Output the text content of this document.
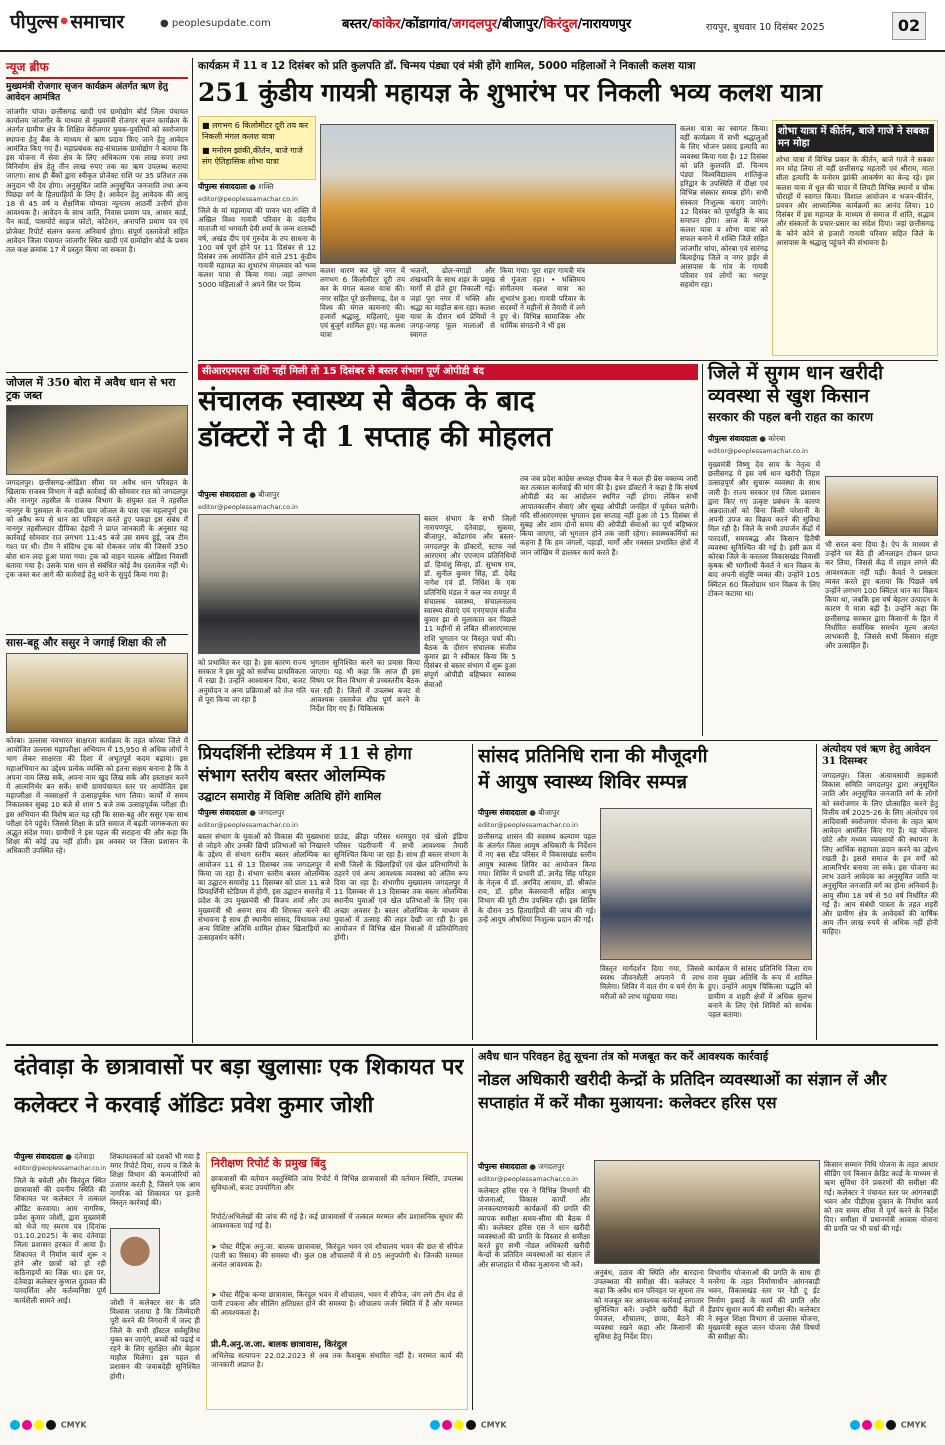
पीपुल्स•समाचार	● peoplesupdate.com	बस्तर/कांकेर/कोंडागांव/जगदलपुर/बीजापुर/किरंदुल/नारायणपुर	रायपुर, बुधवार 10 दिसंबर 2025	02
न्यूज ब्रीफ
मुख्यमंत्री रोजगार सृजन कार्यक्रम अंतर्गत ऋण हेतु आवेदन आमंत्रित
जांजगीर चांपा। छत्तीसगढ़ खादी एवं ग्रामोद्योग बोर्ड जिला पंचायत कार्यालय जांजगीर के माध्यम से मुख्यमंत्री रोजगार सृजन कार्यक्रम के अंतर्गत ग्रामीण क्षेत्र के शिक्षित बेरोजगार युवक-युवतियों को स्वरोजगार स्थापना हेतु बैंक के माध्यम से ऋण प्रदाय किए जाने हेतु आवेदन आमंत्रित किए गए हैं। महाप्रबंधक सह-संचालक ग्रामोद्योग ने बताया कि इस योजना में सेवा क्षेत्र के लिए अधिकतम एक लाख रुपए तथा विनिर्माण क्षेत्र हेतु तीन लाख रुपए तक का ऋण उपलब्ध कराया जाएगा। साथ ही बैंकों द्वारा स्वीकृत प्रोजेक्ट राशि पर 35 प्रतिशत तक अनुदान भी देय होगा। अनुसूचित जाति अनुसूचित जनजाति तथा अन्य पिछड़ा वर्ग के हितग्राहियों के लिए है। आवेदन हेतु आवेदक की आयु 18 से 45 वर्ष व शैक्षणिक योग्यता न्यूनतम आठवीं उत्तीर्ण होना आवश्यक है। आवेदन के साथ जाति, निवास प्रमाण पत्र, आधार कार्ड, पैन कार्ड, पासपोर्ट साइज फोटो, कोटेशन, अनापत्ति प्रमाण पत्र एवं प्रोजेक्ट रिपोर्ट संलग्न करना अनिवार्य होगा। संपूर्ण दस्तावेजों सहित आवेदन जिला पंचायत जांजगीर स्थित खादी एवं ग्रामोद्योग बोर्ड के प्रथम तल कक्ष क्रमांक 17 में प्रस्तुत किया जा सकता है।
जोजल में 350 बोरा में अवैध धान से भरा ट्रक जब्त
जगदलपुर। छत्तीसगढ़-ओडिशा सीमा पर अवैध धान परिवहन के खिलाफ राजस्व विभाग ने बड़ी कार्रवाई की सोमवार रात को जगदलपुर और नानगुर तहसील के राजस्व विभाग के संयुक्त दल ने तहसील नानगुर के पुसवाल के नजदीक ग्राम जोजल के पास एक महत्वपूर्ण ट्रक को अवैध रूप से धान का परिवहन करते हुए पकड़ा इस संबंध में नानगुर तहसीलदार दीपिका देहारी ने प्राप्त जानकारी के अनुसार यह कार्रवाई सोमवार रात लगभग 11:45 बजे उस समय हुई, जब टीम गश्त पर थी। टीम ने संदिग्ध ट्रक को रोककर जांच की जिसमें 350 बोरा धान लदा हुआ पाया गया। ट्रक को वाहन चालक ओडिशा निवासी बताया गया है। उसके पास धान से संबंधित कोई वैध दस्तावेज नहीं थे। ट्रक जब्त कर आगे की कार्रवाई हेतु थाने के सुपुर्द किया गया है।
सास-बहू और ससुर ने जगाई शिक्षा की लौ
कोरबा। उल्लास नवभारत साक्षरता कार्यक्रम के तहत कोरबा जिले में आयोजित उल्लास महापरीक्षा अभियान में 15,950 से अधिक लोगों ने भाग लेकर साक्षरता की दिशा में अभूतपूर्व कदम बढ़ाया। इस महाअभियान का उद्देश्य प्रत्येक व्यक्ति को इतना सक्षम बनाना है कि वे अपना नाम लिख सकें, अपना नाम खुद लिख सकें और हस्ताक्षर करने में आत्मनिर्भर बन सकें। सभी ग्रामपंचायत स्तर पर आयोजित इस महापरीक्षा में नवसाक्षरों ने उत्साहपूर्वक भाग लिया। कार्यों में समय निकालकर सुबह 10 बजे से शाम 5 बजे तक उत्साहपूर्वक परीक्षा दी। इस अभियान की विशेष बात यह रही कि सास-बहू और ससुर एक साथ परीक्षा देने पहुंचे। जिससे शिक्षा के प्रति समाज में बढ़ती जागरूकता का अद्भुत संदेश गया। ग्रामीणों ने इस पहल की सराहना की और कहा कि शिक्षा की कोई उम्र नहीं होती। इस अवसर पर जिला प्रशासन के अधिकारी उपस्थित रहे।
कार्यक्रम में 11 व 12 दिसंबर को प्रति कुलपति डॉ. चिन्मय पंड्या एवं मंत्री होंगे शामिल, 5000 महिलाओं ने निकाली कलश यात्रा
251 कुंडीय गायत्री महायज्ञ के शुभारंभ पर निकली भव्य कलश यात्रा
■ लगभग 6 किलोमीटर दूरी तय कर निकली मंगल कलश यात्रा
■ मनोरम झांकी,कीर्तन, बाजे गाजे संग ऐतिहासिक शोभा यात्रा
पीपुल्स संवाददाता ● शक्ति
editor@peoplessamachar.co.in
जिले के मां महामाया की पावन धरा शक्ति में अखिल विश्व गायत्री परिवार के वंदनीय माताजी मां भगवती देवी शर्मा के जन्म शताब्दी वर्ष, अखंड दीप एवं गुरुदेव के तप साधना के 100 वर्ष पूर्ण होने पर 11 दिसंबर से 12 दिसंबर तक आयोजित होने वाले 251 कुंडीय गायत्री महायज्ञ का शुभारंभ मंगलवार को भव्य कलश यात्रा से किया गया। जहां लगभग 5000 महिलाओं ने अपने सिर पर दिव्य
कलश धारण कर पूरे नगर में लगभग 6 किलोमीटर दूरी तय कर के मंगल कलश यात्रा की। नगर सहित पूरे छत्तीसगढ़, देश व विश्व की मंगल कामनाएं की। हजारों श्रद्धालु, महिलाएं, युवा एवं बुजुर्ग शामिल हुए। यह कलश यात्रा
भजनों, ढोल-नगाड़ों और शंखध्वनि के साथ शहर के प्रमुख मार्गों से होते हुए निकाली गई। जहां पूरा नगर में भक्ति और श्रद्धा का माहौल बना रहा। कलश यात्रा के दौरान धर्म प्रेमियों ने जगह-जगह फूल मालाओं से स्वागत
किया गया। पूरा शहर गायत्री मंत्र से गूंजता रहा। • भक्तिमय संगीतमय कलश यात्रा का शुभारंभ हुआ। गायत्री परिवार के सदस्यों ने महीनों से तैयारी में लगे हुए थे। विभिन्न सामाजिक और धार्मिक संगठनों ने भी इस
कलश यात्रा का स्वागत किया। वहीं कार्यक्रम में सभी श्रद्धालुओं के लिए भोजन प्रसाद इत्यादि का व्यवस्था किया गया है। 12 दिसंबर को प्रति कुलपति डॉ. चिन्मय पंड्या विश्वविद्यालय शांतिकुंज हरिद्वार के उपस्थिति में दीक्षा एवं विभिन्न संस्कार सम्पन्न होंगे। सभी संस्कार निःशुल्क कराए जाएंगे। 12 दिसंबर को पूर्णाहुति के बाद समापन होगा। आज के मंगल कलश यात्रा व शोभा यात्रा को सफल बनाने में शक्ति जिले सहित जांजगीर चांपा, कोरबा एवं सारंगढ़ बिलाईगढ़ जिले व नगर हाईर से आसपास के गांव के गायत्री परिवार एवं लोगों का भरपूर सहयोग रहा।
शोभा यात्रा में कीर्तन, बाजे गाजे ने सबका मन मोहा
शोभा यात्रा में विभिन्न प्रकार के कीर्तन, बाजे गाजे ने सबका मन मोह लिया तो वहीं छत्तीसगढ़ महतारी एवं श्रीराम, माता सीता इत्यादि के मनोरम झांकी आकर्षण का केन्द्र रहे। इस कलश यात्रा में धूल की चादर में लिपटी विभिन्न स्थानों व चौक चौराहों में स्वागत किया। विशाल आयोजन व भजन-कीर्तन, प्रवचन और आध्यात्मिक कार्यक्रमों का आनंद लिया। 10 दिसंबर में इस महायज्ञ के माध्यम से समाज में शांति, सद्भाव और संस्कारों के प्रचार-प्रसार का संदेश दिया। जहां छत्तीसगढ़ के कोने कोने से हजारों गायत्री परिवार सहित जिले के आसपास के श्रद्धालु पहुंचने की संभावना है।
सीआरएमएस राशि नहीं मिली तो 15 दिसंबर से बस्तर संभाग पूर्ण ओपीडी बंद
संचालक स्वास्थ्य से बैठक के बाद
डॉक्टरों ने दी 1 सप्ताह की मोहलत
पीपुल्स संवाददाता ● बीजापुर
editor@peoplessamachar.co.in
बस्तर संभाग के सभी जिलों नारायणपुर, दंतेवाड़ा, सुकमा, बीजापुर, कोंडागांव और बस्तर-जगदलपुर के डॉक्टरों, स्टाफ नर्स आरएमए और एएनएम प्रतिनिधियों डॉ. हिमांशु सिन्हा, डॉ. सुभाष राय, डॉ. सुनील कुमार सिंह, डॉ. देवेंद्र नागेश एवं डॉ. निधिश के एक प्रतिनिधि मंडल ने कल नव रायपुर में संचालक स्वास्थ्य, संचालनालय स्वास्थ्य सेवाएं एवं एनएचएम संजीव कुमार झा से मुलाकात कर पिछले 11 महीनों से लंबित सीआरएमएस राशि भुगतान पर विस्तृत चर्चा की। बैठक के दौरान संचालक संजीव कुमार झा ने स्वीकार किया कि 5 दिसंबर से बस्तर संभाग में शुरू हुआ संपूर्ण ओपीडी बहिष्कार स्वास्थ्य सेवाओं
को प्रभावित कर रहा है। इस कारण राज्य सरकार ने इस मुद्दे को सर्वोच्च प्राथमिकता में रखा है। उन्होंने आश्वासन दिया, बजट अनुमोदन व अन्य प्रक्रियाओं को तेज गति से पूरा किया जा रहा है
भुगतान सुनिश्चित करने का प्रयास किया जाएगा। यह भी कहा कि आज ही इस विषय पर वित्त विभाग से उच्चस्तरीय बैठक चल रही है। जिलों में उपलब्ध बजट से आवश्यक दस्तावेज शीघ्र पूर्ण करने के निर्देश दिए गए हैं। चिकित्सक
तब जब प्रदेश कांग्रेस अध्यक्ष दीपक बैज ने कल ही प्रेस वक्तव्य जारी कर तत्काल कार्रवाई की मांग की है। इधर डॉक्टरों ने कहा है कि संघर्ष ओपीडी बंद का आंदोलन स्थगित नहीं होगा। लेकिन सभी आपातकालीन सेवाएं और सुबह ओपीडी जनहित में पूर्ववत चलेगी। यदि सीआरएमएस भुगतान इस सप्ताह नहीं हुआ तो 15 दिसंबर से सुबह और शाम दोनों समय की ओपीडी सेवाओं का पूर्ण बहिष्कार किया जाएगा, जो भुगतान होने तक जारी रहेगा। स्वास्थ्यकर्मियों का कहना है कि हम जंगलों, पहाड़ों, मार्गों और नक्सल प्रभावित क्षेत्रों में जान जोखिम में डालकर कार्य करते हैं।
जिले में सुगम धान खरीदी व्यवस्था से खुश किसान
सरकार की पहल बनी राहत का कारण
पीपुल्स संवाददाता ● कोरबा
editor@peoplessamachar.co.in
मुख्यमंत्री विष्णु देव साय के नेतृत्व में छत्तीसगढ़ में इस वर्ष धान खरीदी तिहार उत्साहपूर्ण और सुचारू व्यवस्था के साथ जारी है। राज्य सरकार एवं जिला प्रशासन द्वारा किए गए उत्कृष्ट प्रबंधन के कारण अन्नदाताओं को बिना किसी परेशानी के अपनी उपज का विक्रय करने की सुविधा मिल रही है। जिले के सभी उपार्जन केंद्रों में पारदर्शी, समयबद्ध और किसान हितैषी व्यवस्था सुनिश्चित की गई है। इसी क्रम में कोरबा जिले के करतला विकासखंड निवासी कृषक श्री भागीरथी कैवर्त ने धान विक्रय के बाद अपनी संतुष्टि व्यक्त की। उन्होंने 105 क्विंटल 60 किलोग्राम धान विक्रय के लिए टोकन कटाया था।
भी सरल बना दिया है। ऐप के माध्यम से उन्होंने घर बैठे ही ऑनलाइन टोकन प्राप्त कर लिया, जिससे केंद्र में लाइन लगने की आवश्यकता नहीं पड़ी। कैवर्त ने प्रसन्नता व्यक्त करते हुए बताया कि पिछले वर्ष उन्होंने लगभग 100 क्विंटल धान का विक्रय किया था, जबकि इस वर्ष बेहतर उत्पादन के कारण ये मात्रा बढ़ी है। उन्होंने कहा कि छत्तीसगढ़ सरकार द्वारा किसानों के हित में निर्धारित सर्वाधिक समर्थन मूल्य अत्यंत लाभकारी है, जिससे सभी किसान संतुष्ट और उत्साहित हैं।
प्रियदर्शिनी स्टेडियम में 11 से होगा
संभाग स्तरीय बस्तर ओलम्पिक
उद्घाटन समारोह में विशिष्ट अतिथि होंगे शामिल
पीपुल्स संवाददाता ● जगदलपुर
editor@peoplessamachar.co.in
बस्तर संभाग के युवाओं को विकास की मुख्यधारा से जोड़ने और उनकी छिपी प्रतिभाओं को निखारने के उद्देश्य से संभाग स्तरीय बस्तर ओलम्पिक का आयोजन 11 से 13 दिसम्बर तक जगदलपुर में किया जा रहा है। संभाग स्तरीय बस्तर ओलम्पिक का उद्घाटन समारोह 11 दिसम्बर को प्रातः 11 बजे प्रियदर्शिनी स्टेडियम में होगी, इस उद्घाटन समारोह में प्रदेश के उप मुख्यमंत्री श्री विजय शर्मा और उप मुख्यमंत्री श्री अरुण साव की शिरकत करने की संभावना है साथ ही स्थानीय सांसद, विधायक तथा अन्य विशिष्ट अतिथि शामिल होकर खिलाड़ियों का उत्साहवर्धन करेंगे।
ग्राउंड, क्रीड़ा परिसर धरमपुरा एवं खेलो इंडिया परिसर पंडरीपानी में सभी आवश्यक तैयारी सुनिश्चित किया जा रहा है। साथ ही बस्तर संभाग के सभी जिलों के खिलाड़ियों एवं खेल प्रतिभागियों के ठहरने एवं अन्य आवश्यक व्यवस्था को अंतिम रूप दिया जा रहा है। संभागीय मुख्यालय जगदलपुर में 11 दिसम्बर से 13 दिसम्बर तक बस्तर ओलम्पिक स्थानीय युवाओं एवं खेल प्रतिभाओं के लिए एक अच्छा अवसर है। बस्तर ओलम्पिक के माध्यम से युवाओं में उत्साह की लहर देखी जा रही है। इस आयोजन में विभिन्न खेल विधाओं में प्रतियोगिताएं होंगी।
सांसद प्रतिनिधि राना की मौजूदगी
में आयुष स्वास्थ्य शिविर सम्पन्न
पीपुल्स संवाददाता ● बीजापुर
editor@peoplessamachar.co.in
छत्तीसगढ़ शासन की स्वास्थ्य कल्याण पहल के अंतर्गत जिला आयुष अधिकारी के निर्देशन में नए बस स्टैंड परिसर में विकासखंड स्तरीय आयुष स्वास्थ्य शिविर का आयोजन किया गया। शिविर में प्रभारी डॉ. ज्ञानेंद्र सिंह परिहार के नेतृत्व में डॉ. अरविंद आयाम, डॉ. श्रीकांत राय, डॉ. हरीश केसरवानी सहित आयुष विभाग की पूरी टीम उपस्थित रही। इस शिविर के दौरान 35 हितग्राहियों की जांच की गई। उन्हें आयुष औषधियां निःशुल्क प्रदान की गईं।
विस्तृत मार्गदर्शन दिया गया, जिससे स्वस्थ जीवनशैली अपनाने में लाभ मिलेगा। शिविर में वात रोग व चर्म रोग के मरीजों को लाभ पहुंचाया गया।
कार्यक्रम में सांसद प्रतिनिधि जिला राम राना मुख्य अतिथि के रूप में शामिल हुए। उन्होंने आयुष चिकित्सा पद्धति को ग्रामीण व शहरी क्षेत्रों में अधिक सुलभ बनाने के लिए ऐसे शिविरों को सार्थक पहल बताया।
अंत्योदय एवं ऋण हेतु आवेदन 31 दिसम्बर
जगदलपुर। जिला अंत्यावसायी सहकारी विकास समिति जगदलपुर द्वारा अनुसूचित जाति और अनुसूचित जनजाति वर्ग के लोगों को स्वरोजगार के लिए प्रोत्साहित करने हेतु वित्तीय वर्ष 2025-26 के लिए अंत्योदय एवं आदिवासी स्वरोजगार योजना के तहत ऋण आवेदन आमंत्रित किए गए हैं। यह योजना छोटे और मध्यम व्यवसायों की स्थापना के लिए आर्थिक सहायता प्रदान करने का उद्देश्य रखती है। इससे समाज के इन वर्गों को आत्मनिर्भर बनाया जा सके। इस योजना का लाभ उठाने आवेदक का अनुसूचित जाति या अनुसूचित जनजाति वर्ग का होना अनिवार्य है। आयु सीमा 18 वर्ष से 50 वर्ष निर्धारित की गई है। आय संबंधी पात्रता के तहत शहरी और ग्रामीण क्षेत्र के आवेदकों की वार्षिक आय तीन लाख रुपये से अधिक नहीं होनी चाहिए।
दंतेवाड़ा के छात्रावासों पर बड़ा खुलासाः एक शिकायत पर कलेक्टर ने करवाई ऑडिटः प्रवेश कुमार जोशी
पीपुल्स संवाददाता ● दंतेवाड़ा
editor@peoplessamachar.co.in
जिले के बचेली और किरंदुल स्थित छात्रावासों की दयनीय स्थिति की शिकायत पर कलेक्टर ने तत्काल ऑडिट करवाया। आम नागरिक, प्रवेश कुमार जोशी, द्वारा मुख्यमंत्री को भेजे गए स्मरण पत्र (दिनांक 01.10.2025) के बाद दंतेवाड़ा जिला प्रशासन हरकत में आया है। शिकायत में निर्माण कार्य शुरू न होने और छात्रों को हो रही कठिनाइयों का जिक्र था। इस पर, दंतेवाड़ा कलेक्टर कुणाल दुदावत की पारदर्शिता और कर्तव्यनिष्ठा पूर्ण कार्यशैली सामने आई।
शिकायतकर्ता को दशकों भी गया है मगर रिपोर्ट दिया, राज्य व जिले के शिक्षा विभाग की कमजोरियों को उजागर करती है, जिसने एक आम नागरिक को शिकायत पर इतनी विस्तृत कार्रवाई की।
जोशी ने कलेक्टर सर के प्रति विश्वास जताया है कि जिम्मेदारी पूरी करने की निगरानी में जल्द ही जिले के सभी हॉस्टल सर्वसुविधा युक्त बन जाएंगे, बच्चों को पढ़ाई व रहने के लिए सुरक्षित और बेहतर माहौल मिलेगा। इस पहल से प्रशासन की जवाबदेही सुनिश्चित होगी।
निरीक्षण रिपोर्ट के प्रमुख बिंदु
छात्रावासों की वर्तमान वस्तुस्थिति जांच रिपोर्ट में विभिन्न छात्रावासों की वर्तमान स्थिति, उपलब्ध सुविधाओं, बजट उपयोगिता और
रिपोर्ट/अभिलेखों की जांच की गई है। कई छात्रावासों में तत्काल मरम्मत और प्रशासनिक सुधार की आवश्यकता पाई गई है।
➤ पोस्ट मैट्रिक अनु.जा. बालक छात्रावास, किरंदुल भवन एवं शौचालय भवन की छत से सीपेज (पानी का रिसाव) की समस्या थी। कुल 08 शौचालयों में से 05 अनुपयोगी थे। जिनकी मरम्मत अत्यंत आवश्यक है।
➤ पोस्ट मैट्रिक कन्या छात्रावास, किरंदुल भवन में शौचालय, भवन में सीपेज, जंग लगे टीन शेड से पानी टपकना और सीलिंग क्षतिग्रस्त होने की समस्या है। शौचालय जर्जर स्थिति में हैं और मरम्मत की आवश्यकता है।
प्री.मै.अनु.ज.जा. बालक छात्रावास, किरंदुल
अभिलेख सत्यापनः 22.02.2023 से अब तक कैशबुक संधारित नहीं है। मरम्मत कार्य की जानकारी अप्राप्त है।
अवैध धान परिवहन हेतु सूचना तंत्र को मजबूत कर करें आवश्यक कार्रवाई
नोडल अधिकारी खरीदी केन्द्रों के प्रतिदिन व्यवस्थाओं का संज्ञान लें और सप्ताहांत में करें मौका मुआयना: कलेक्टर हरिस एस
पीपुल्स संवाददाता ● जगदलपुर
editor@peoplessamachar.co.in
कलेक्टर हरिस एस ने विभिन्न विभागों की योजनाओं, विकास कार्यों और जनकल्याणकारी कार्यक्रमों की प्रगति की व्यापक समीक्षा समय-सीमा की बैठक में की। कलेक्टर हरिस एस ने धान खरीदी व्यवस्थाओं की प्रगति के विस्तार से समीक्षा करते हुए सभी नोडल अधिकारी खरीदी केन्द्रों के प्रतिदिन व्यवस्थाओं का संज्ञान लें और सप्ताहांत में मौका मुआयना भी करें।
अनुबंध, उठाव की स्थिति और बारदाना उपलब्धता की समीक्षा की। कलेक्टर ने कहा कि अवैध धान परिवहन पर सूचना तंत्र को मजबूत कर आवश्यक कार्रवाई लगातार सुनिश्चित करें। उन्होंने खरीदी केंद्रों में पेयजल, शौचालय, छाया, बैठने की व्यवस्था रखने कहा और किसानों की सुविधा हेतु निर्देश दिए।
विभागीय योजनाओं की प्रगति के साथ ही मनरेगा के तहत निर्माणाधीन आंगनबाड़ी भवन, विकासखंड स्तर पर रेडी टू ईट निर्माण इकाई के कार्य की प्रगति और हैंडपंप सुधार कार्य की समीक्षा की। कलेक्टर ने स्कूल शिक्षा विभाग से उल्लास योजना, मुख्यमंत्री स्कूल जतन योजना जैसे विषयों की समीक्षा की।
किसान सम्मान निधि योजना के तहत आधार सीडिंग एवं किसान क्रेडिट कार्ड के माध्यम से ऋण सुविधा देने प्रकरणों की समीक्षा की गई। कलेक्टर ने पंचायत स्तर पर आंगनबाड़ी भवन और पीडीएस दुकान के निर्माण कार्य को तय समय सीमा में पूर्ण करने के निर्देश दिए। समीक्षा में प्रधानमंत्री आवास योजना की प्रगति पर भी चर्चा की गई।
CMYK	CMYK	CMYK
